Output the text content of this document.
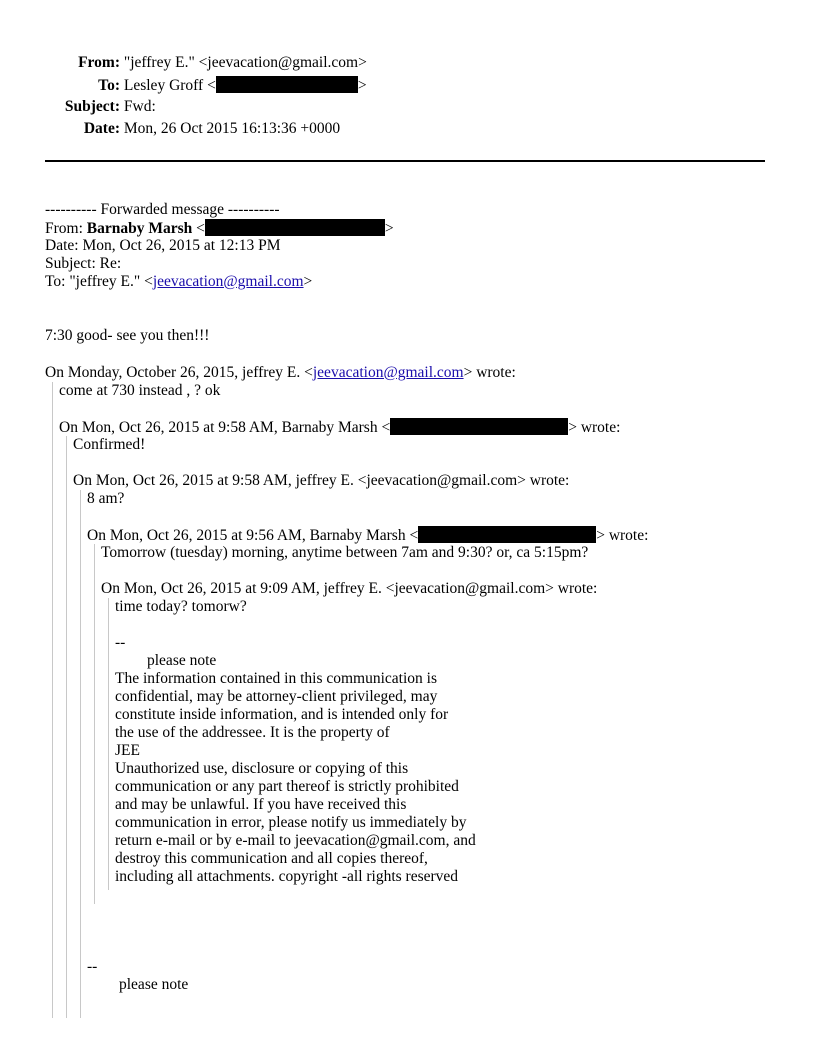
From: "jeffrey E." <jeevacation@gmail.com>
To: Lesley Groff <	>
Subject: Fwd:
Date: Mon, 26 Oct 2015 16:13:36 +0000
---------- Forwarded message ----------
From: Barnaby Marsh <	>
Date: Mon, Oct 26, 2015 at 12:13 PM
Subject: Re:
To: "jeffrey E." <jeevacation@gmail.com>
7:30 good- see you then!!!
On Monday, October 26, 2015, jeffrey E. <jeevacation@gmail.com> wrote:
come at 730 instead , ? ok
On Mon, Oct 26, 2015 at 9:58 AM, Barnaby Marsh <	> wrote:
Confirmed!
On Mon, Oct 26, 2015 at 9:58 AM, jeffrey E. <jeevacation@gmail.com> wrote:
8 am?
On Mon, Oct 26, 2015 at 9:56 AM, Barnaby Marsh <	> wrote:
Tomorrow (tuesday) morning, anytime between 7am and 9:30? or, ca 5:15pm?
On Mon, Oct 26, 2015 at 9:09 AM, jeffrey E. <jeevacation@gmail.com> wrote:
time today? tomorw?
--
please note
The information contained in this communication is
confidential, may be attorney-client privileged, may
constitute inside information, and is intended only for
the use of the addressee. It is the property of
JEE
Unauthorized use, disclosure or copying of this
communication or any part thereof is strictly prohibited
and may be unlawful. If you have received this
communication in error, please notify us immediately by
return e-mail or by e-mail to jeevacation@gmail.com, and
destroy this communication and all copies thereof,
including all attachments. copyright -all rights reserved
--
please note
